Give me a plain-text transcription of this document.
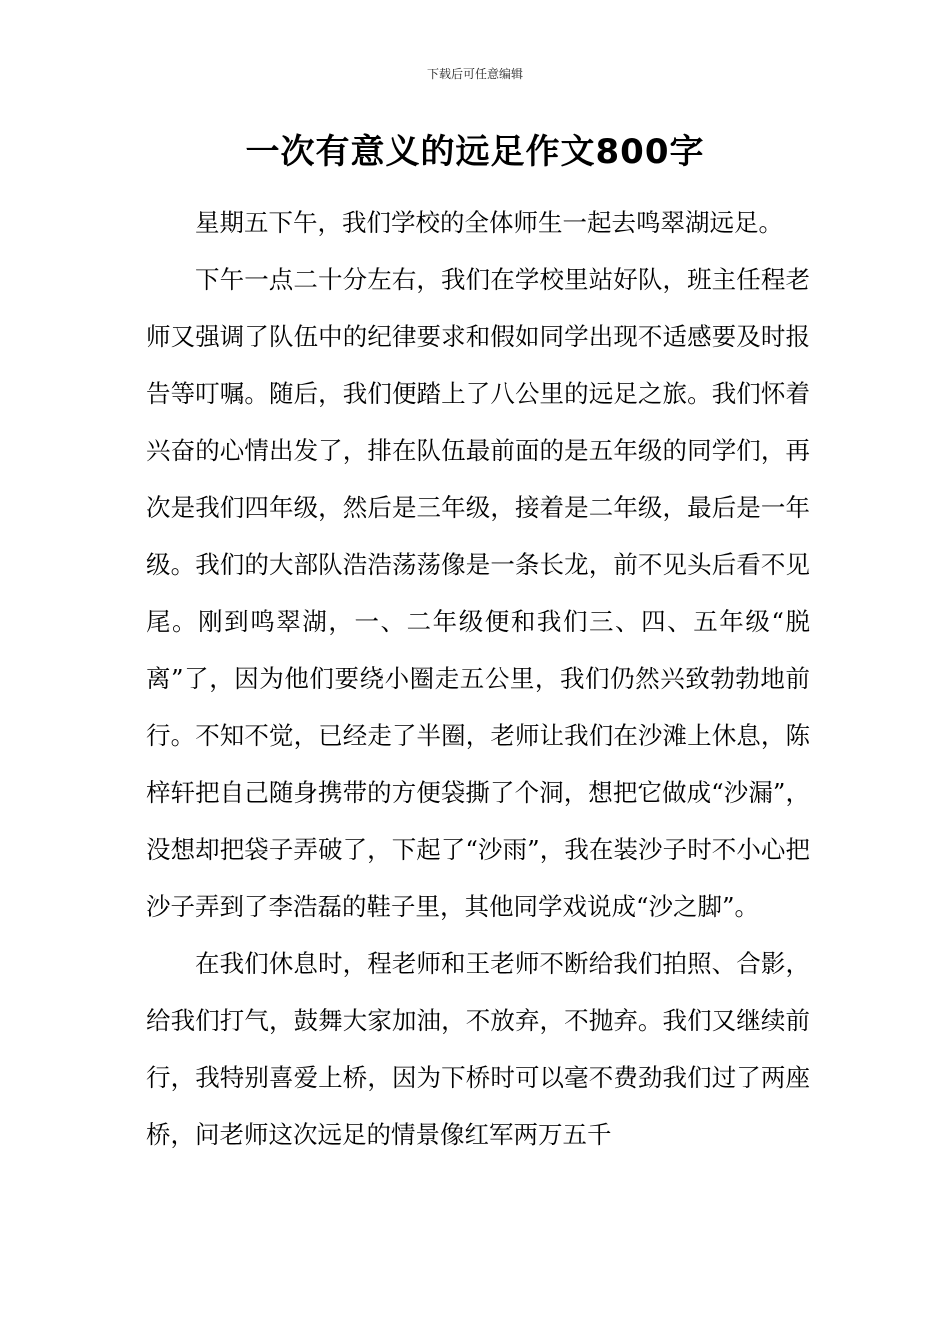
下载后可任意编辑
一次有意义的远足作文800字

星期五下午，我们学校的全体师生一起去鸣翠湖远足。

下午一点二十分左右，我们在学校里站好队，班主任程老师又强调了队伍中的纪律要求和假如同学出现不适感要及时报告等叮嘱。随后，我们便踏上了八公里的远足之旅。我们怀着兴奋的心情出发了，排在队伍最前面的是五年级的同学们，再次是我们四年级，然后是三年级，接着是二年级，最后是一年级。我们的大部队浩浩荡荡像是一条长龙，前不见头后看不见尾。刚到鸣翠湖，一、二年级便和我们三、四、五年级“脱离”了，因为他们要绕小圈走五公里，我们仍然兴致勃勃地前行。不知不觉，已经走了半圈，老师让我们在沙滩上休息，陈梓轩把自己随身携带的方便袋撕了个洞，想把它做成“沙漏”，没想却把袋子弄破了，下起了“沙雨”，我在装沙子时不小心把沙子弄到了李浩磊的鞋子里，其他同学戏说成“沙之脚”。

在我们休息时，程老师和王老师不断给我们拍照、合影，给我们打气，鼓舞大家加油，不放弃，不抛弃。我们又继续前行，我特别喜爱上桥，因为下桥时可以毫不费劲我们过了两座桥，问老师这次远足的情景像红军两万五千
